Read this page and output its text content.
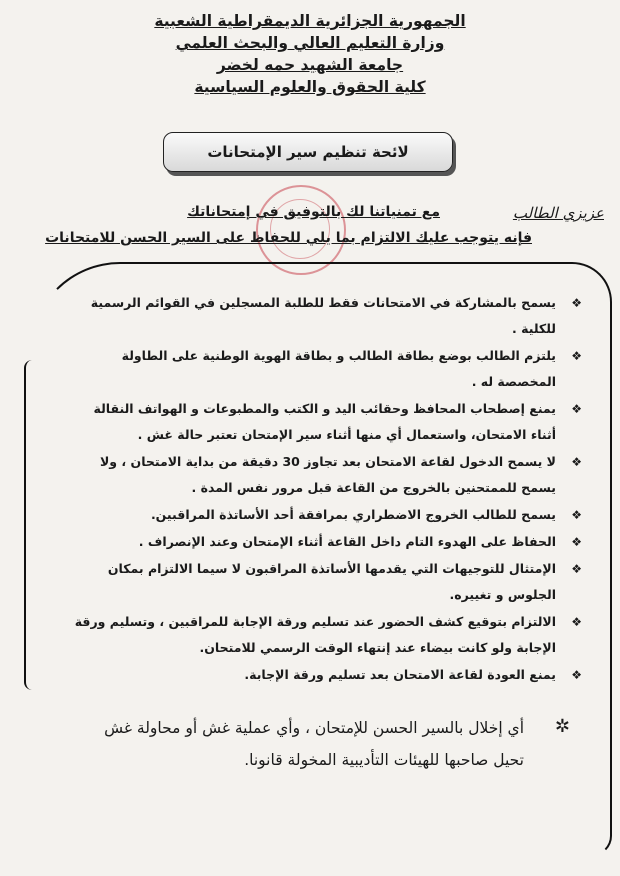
الجمهورية الجزائرية الديمقراطية الشعبية
وزارة التعليم العالي والبحث العلمي
جامعة الشهيد حمه لخضر
كلية الحقوق والعلوم السياسية
لائحة تنظيم سير الإمتحانات
عزيزي الطالب
مع تمنياتنا لك بالتوفيق في إمتحاناتك
فإنه يتوجب عليك الالتزام بما يلي للحفاظ على السير الحسن للامتحانات
❖
يسمح بالمشاركة في الامتحانات فقط للطلبة المسجلين في القوائم الرسمية للكلية .
❖
يلتزم الطالب بوضع بطاقة الطالب و بطاقة الهوية الوطنية على الطاولة المخصصة له .
❖
يمنع إصطحاب المحافظ وحقائب اليد و الكتب والمطبوعات و الهواتف النقالة أثناء الامتحان، واستعمال أي منها أثناء سير الإمتحان تعتبر حالة غش .
❖
لا يسمح الدخول لقاعة الامتحان بعد تجاوز 30 دقيقة من بداية الامتحان ، ولا يسمح للممتحنين بالخروج من القاعة قبل مرور نفس المدة .
❖
يسمح للطالب الخروج الاضطراري بمرافقة أحد الأساتذة المراقبين.
❖
الحفاظ على الهدوء التام داخل القاعة أثناء الإمتحان وعند الإنصراف .
❖
الإمتثال للتوجيهات التي يقدمها الأساتذة المراقبون لا سيما الالتزام بمكان الجلوس و تغييره.
❖
الالتزام بتوقيع كشف الحضور عند تسليم ورقة الإجابة للمراقبين ، وتسليم ورقة الإجابة ولو كانت بيضاء عند إنتهاء الوقت الرسمي للامتحان.
❖
يمنع العودة لقاعة الامتحان بعد تسليم ورقة الإجابة.
✲
أي إخلال بالسير الحسن للإمتحان ، وأي عملية غش أو محاولة غش تحيل صاحبها للهيئات التأديبية المخولة قانونا.
